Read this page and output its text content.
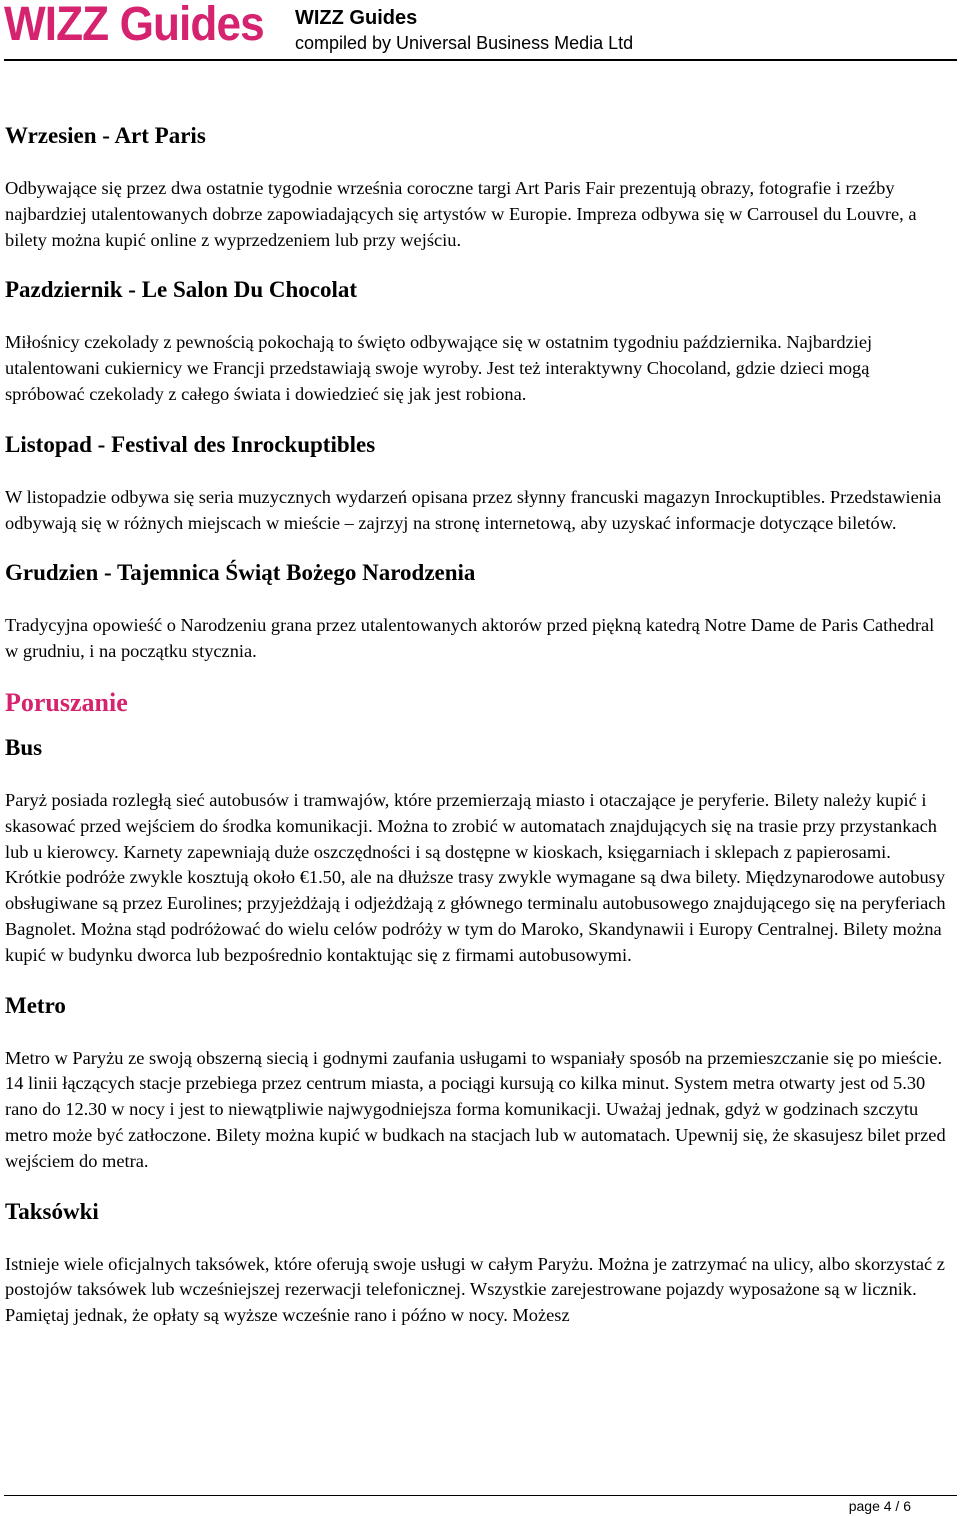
WIZZ Guides WIZZ Guides
compiled by Universal Business Media Ltd
Wrzesien - Art Paris

Odbywające się przez dwa ostatnie tygodnie września coroczne targi Art Paris Fair prezentują obrazy, fotografie i rzeźby najbardziej utalentowanych dobrze zapowiadających się artystów w Europie. Impreza odbywa się w Carrousel du Louvre, a bilety można kupić online z wyprzedzeniem lub przy wejściu.

Pazdziernik - Le Salon Du Chocolat

Miłośnicy czekolady z pewnością pokochają to święto odbywające się w ostatnim tygodniu października. Najbardziej utalentowani cukiernicy we Francji przedstawiają swoje wyroby. Jest też interaktywny Chocoland, gdzie dzieci mogą spróbować czekolady z całego świata i dowiedzieć się jak jest robiona.

Listopad - Festival des Inrockuptibles

W listopadzie odbywa się seria muzycznych wydarzeń opisana przez słynny francuski magazyn Inrockuptibles. Przedstawienia odbywają się w różnych miejscach w mieście – zajrzyj na stronę internetową, aby uzyskać informacje dotyczące biletów.

Grudzien - Tajemnica Świąt Bożego Narodzenia

Tradycyjna opowieść o Narodzeniu grana przez utalentowanych aktorów przed piękną katedrą Notre Dame de Paris Cathedral w grudniu, i na początku stycznia.

Poruszanie
Bus

Paryż posiada rozległą sieć autobusów i tramwajów, które przemierzają miasto i otaczające je peryferie. Bilety należy kupić i skasować przed wejściem do środka komunikacji. Można to zrobić w automatach znajdujących się na trasie przy przystankach lub u kierowcy. Karnety zapewniają duże oszczędności i są dostępne w kioskach, księgarniach i sklepach z papierosami. Krótkie podróże zwykle kosztują około €1.50, ale na dłuższe trasy zwykle wymagane są dwa bilety. Międzynarodowe autobusy obsługiwane są przez Eurolines; przyjeżdżają i odjeżdżają z głównego terminalu autobusowego znajdującego się na peryferiach Bagnolet. Można stąd podróżować do wielu celów podróży w tym do Maroko, Skandynawii i Europy Centralnej. Bilety można kupić w budynku dworca lub bezpośrednio kontaktując się z firmami autobusowymi.

Metro

Metro w Paryżu ze swoją obszerną siecią i godnymi zaufania usługami to wspaniały sposób na przemieszczanie się po mieście. 14 linii łączących stacje przebiega przez centrum miasta, a pociągi kursują co kilka minut. System metra otwarty jest od 5.30 rano do 12.30 w nocy i jest to niewątpliwie najwygodniejsza forma komunikacji. Uważaj jednak, gdyż w godzinach szczytu metro może być zatłoczone. Bilety można kupić w budkach na stacjach lub w automatach. Upewnij się, że skasujesz bilet przed wejściem do metra.

Taksówki

Istnieje wiele oficjalnych taksówek, które oferują swoje usługi w całym Paryżu. Można je zatrzymać na ulicy, albo skorzystać z postojów taksówek lub wcześniejszej rezerwacji telefonicznej. Wszystkie zarejestrowane pojazdy wyposażone są w licznik. Pamiętaj jednak, że opłaty są wyższe wcześnie rano i późno w nocy. Możesz

page 4 / 6
